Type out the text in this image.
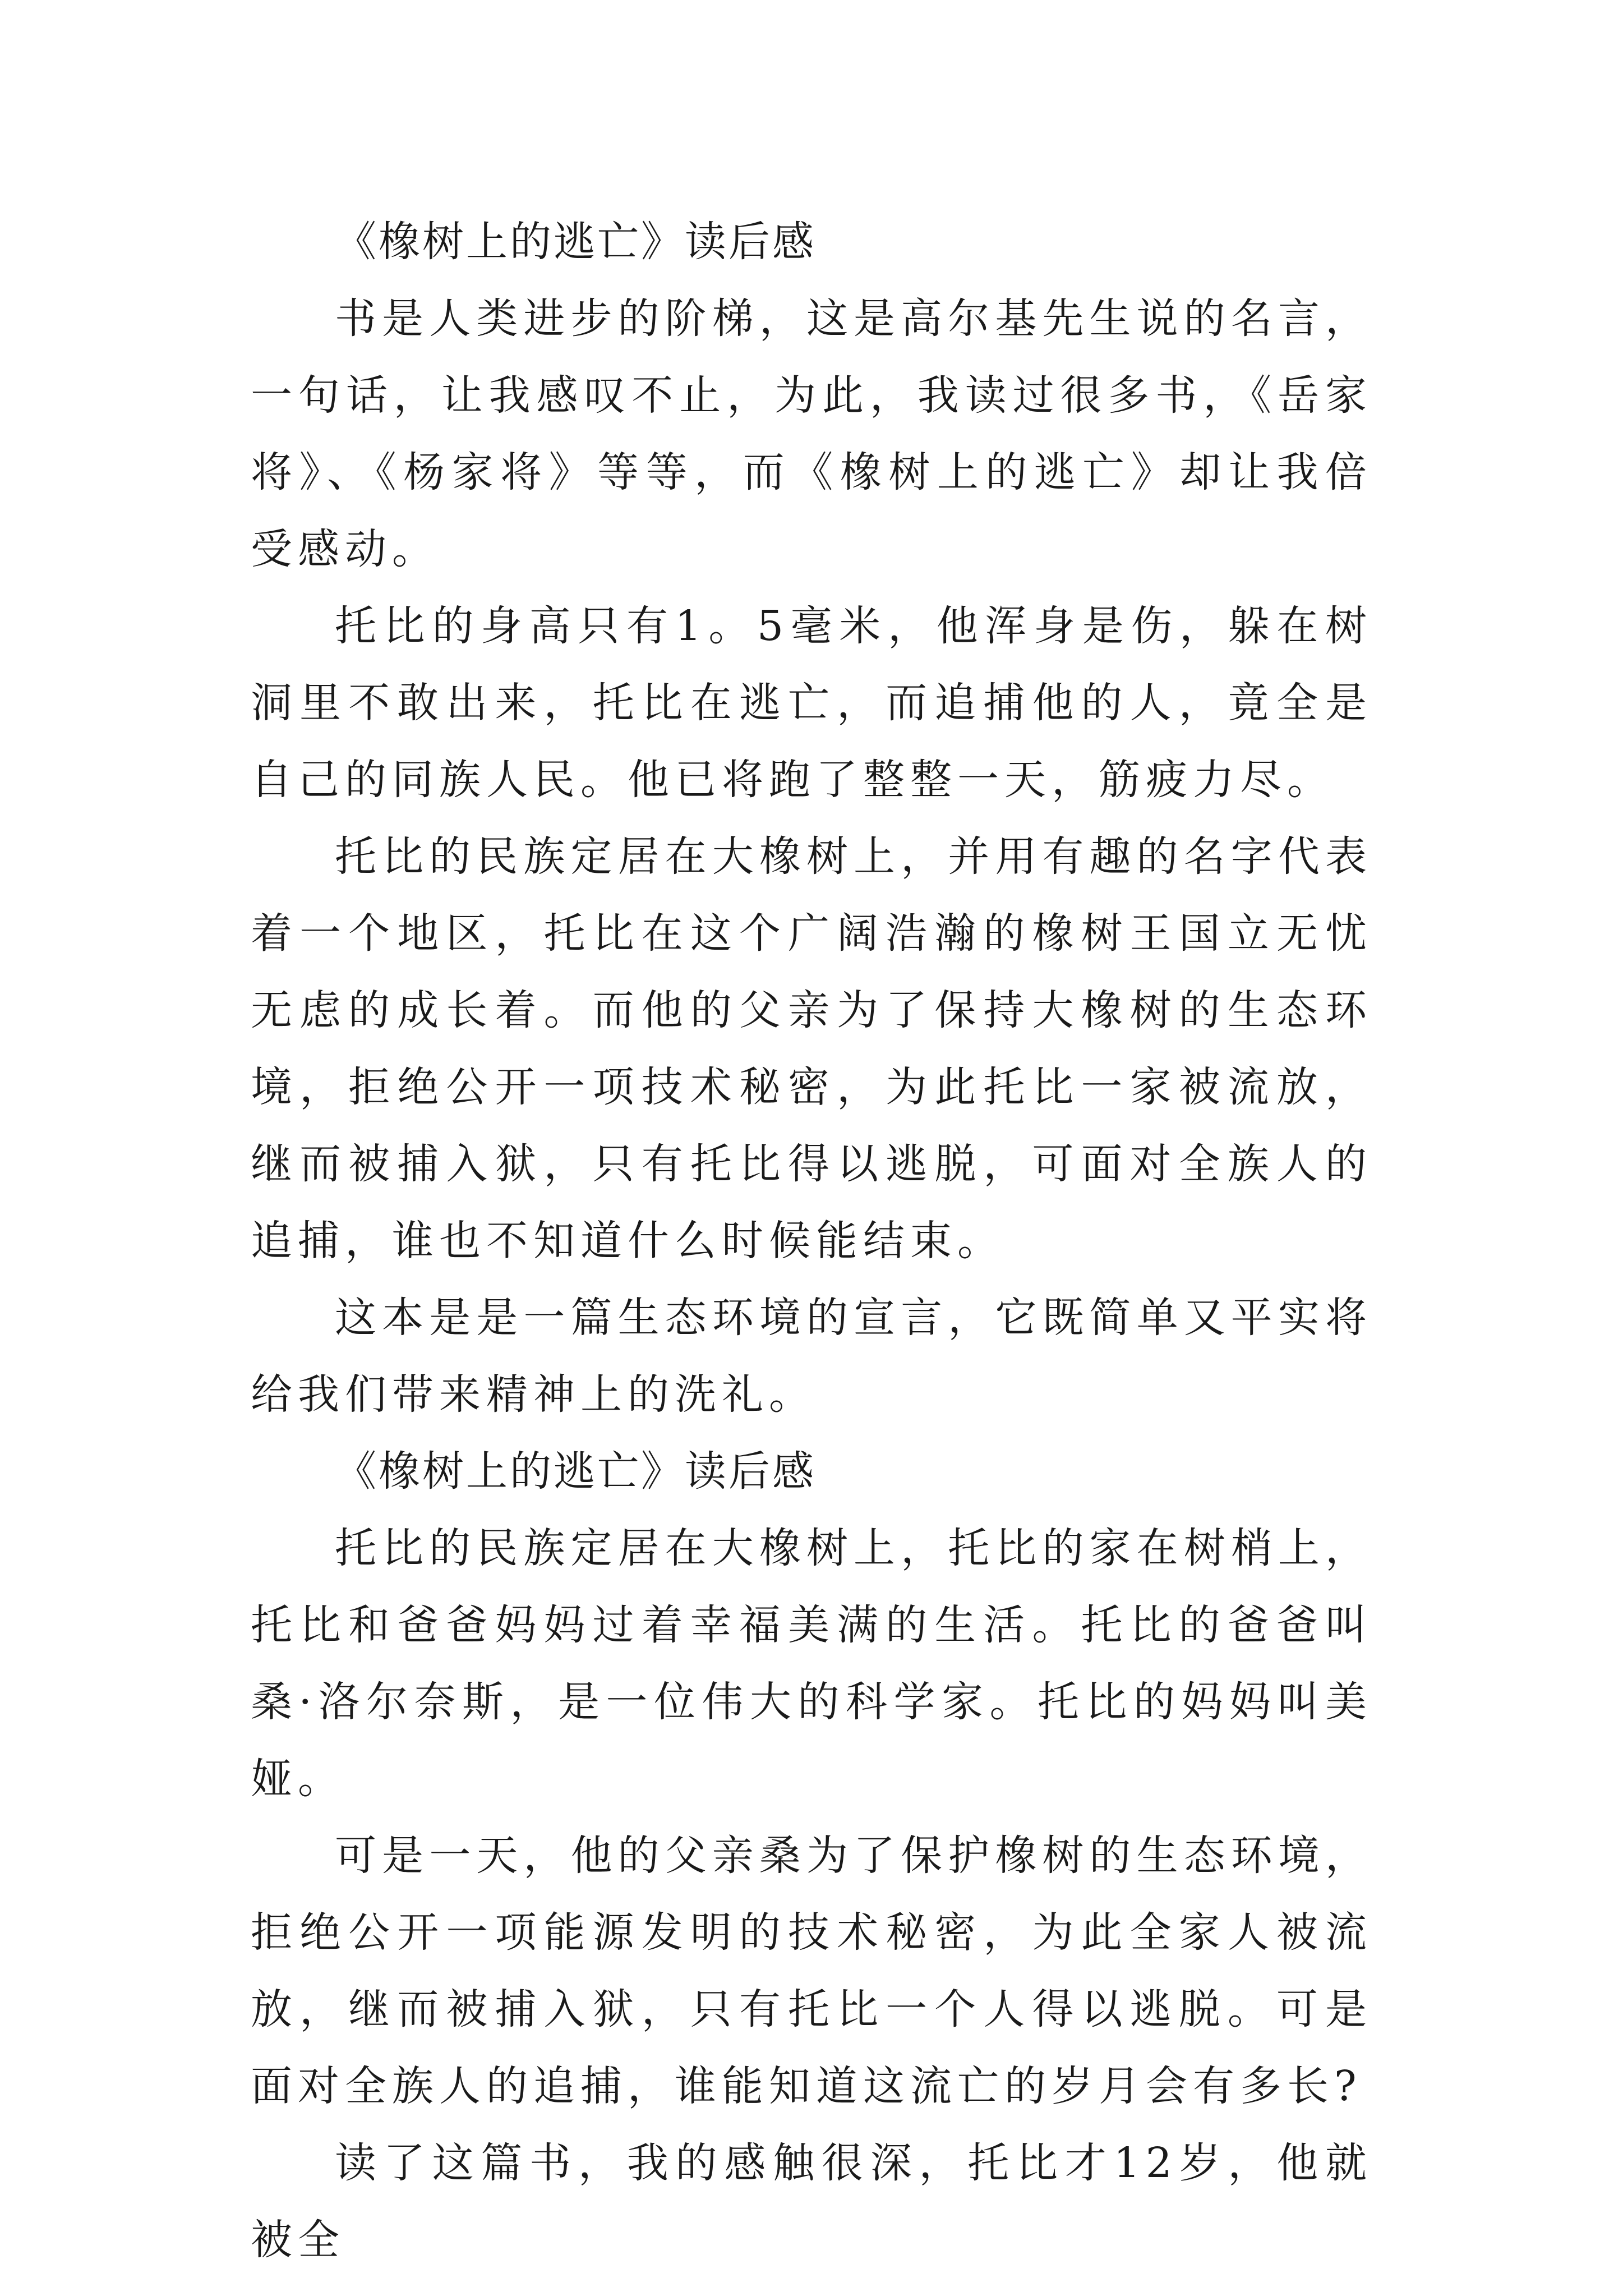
《橡树上的逃亡》读后感

书是人类进步的阶梯，这是高尔基先生说的名言，一句话，让我感叹不止，为此，我读过很多书，《岳家将》、《杨家将》等等，而《橡树上的逃亡》却让我倍受感动。

托比的身高只有1。5毫米，他浑身是伤，躲在树洞里不敢出来，托比在逃亡，而追捕他的人，竟全是自己的同族人民。他已将跑了整整一天，筋疲力尽。

托比的民族定居在大橡树上，并用有趣的名字代表着一个地区，托比在这个广阔浩瀚的橡树王国立无忧无虑的成长着。而他的父亲为了保持大橡树的生态环境，拒绝公开一项技术秘密，为此托比一家被流放，继而被捕入狱，只有托比得以逃脱，可面对全族人的追捕，谁也不知道什么时候能结束。

这本是是一篇生态环境的宣言，它既简单又平实将给我们带来精神上的洗礼。

《橡树上的逃亡》读后感

托比的民族定居在大橡树上，托比的家在树梢上，托比和爸爸妈妈过着幸福美满的生活。托比的爸爸叫桑·洛尔奈斯，是一位伟大的科学家。托比的妈妈叫美娅。

可是一天，他的父亲桑为了保护橡树的生态环境，拒绝公开一项能源发明的技术秘密，为此全家人被流放，继而被捕入狱，只有托比一个人得以逃脱。可是面对全族人的追捕，谁能知道这流亡的岁月会有多长?

读了这篇书，我的感触很深，托比才12岁，他就被全
